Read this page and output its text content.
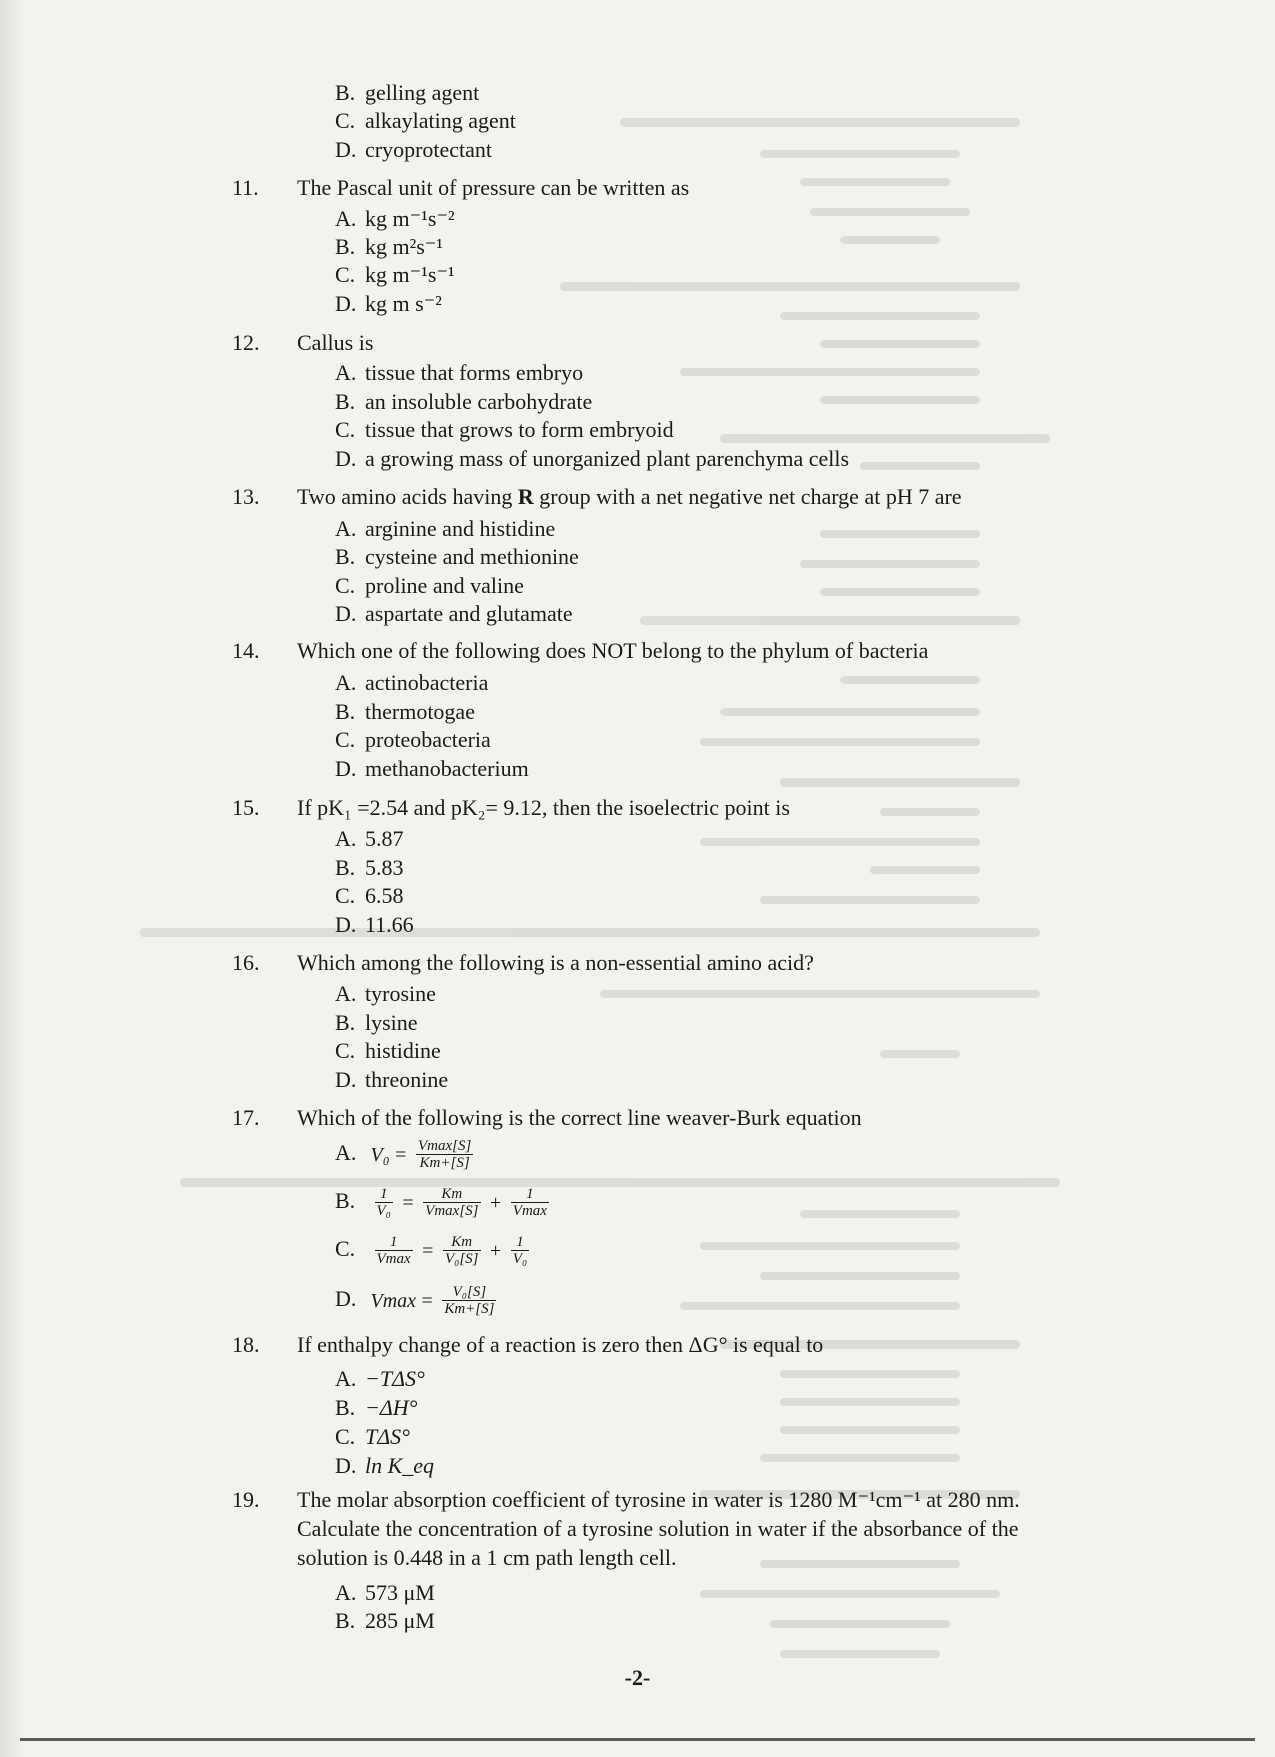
B. gelling agent
C. alkaylating agent
D. cryoprotectant
11. The Pascal unit of pressure can be written as
A. kg m⁻¹s⁻²
B. kg m²s⁻¹
C. kg m⁻¹s⁻¹
D. kg m s⁻²
12. Callus is
A. tissue that forms embryo
B. an insoluble carbohydrate
C. tissue that grows to form embryoid
D. a growing mass of unorganized plant parenchyma cells
13. Two amino acids having R group with a net negative net charge at pH 7 are
A. arginine and histidine
B. cysteine and methionine
C. proline and valine
D. aspartate and glutamate
14. Which one of the following does NOT belong to the phylum of bacteria
A. actinobacteria
B. thermotogae
C. proteobacteria
D. methanobacterium
15. If pK₁ =2.54 and pK₂= 9.12, then the isoelectric point is
A. 5.87
B. 5.83
C. 6.58
D. 11.66
16. Which among the following is a non-essential amino acid?
A. tyrosine
B. lysine
C. histidine
D. threonine
17. Which of the following is the correct line weaver-Burk equation
A. $V_0 = \frac{Vmax[S]}{Km+[S]}$
B. $\frac{1}{\text{V₀}} = \frac{Km}{Vmax[S]} + \frac{1}{Vmax}$
C. $\frac{1}{Vmax} = \frac{Km}{\text{V₀[S]}} + \frac{1}{\text{V₀}}$
D. $Vmax = \frac{\text{V₀[S]}}{Km+[S]}$
18. If enthalpy change of a reaction is zero then ΔG° is equal to
A. −TΔS°
B. −ΔH°
C. TΔS°
D. ln K_eq
19. The molar absorption coefficient of tyrosine in water is 1280 M⁻¹cm⁻¹ at 280 nm.
Calculate the concentration of a tyrosine solution in water if the absorbance of the
solution is 0.448 in a 1 cm path length cell.
A. 573 μM
B. 285 μM
-2-
